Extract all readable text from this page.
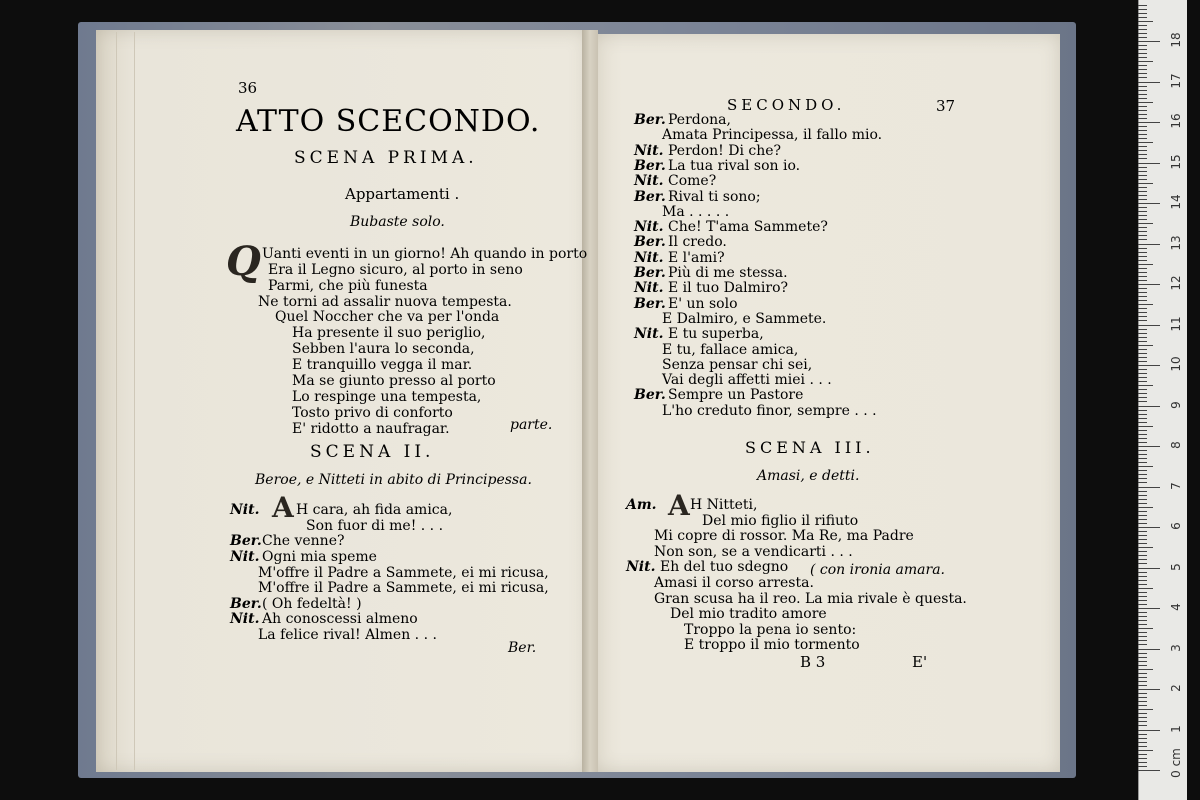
36
ATTO SCECONDO.
SCENA PRIMA.
Appartamenti .
Bubaste solo.
Q Uanti eventi in un giorno! Ah quando in porto
Era il Legno sicuro, al porto in seno
Parmi, che più funesta
Ne torni ad assalir nuova tempesta.
Quel Noccher che va per l'onda
Ha presente il suo periglio,
Sebben l'aura lo seconda,
E tranquillo vegga il mar.
Ma se giunto presso al porto
Lo respinge una tempesta,
Tosto privo di conforto
E' ridotto a naufragar.	parte.
SCENA II.
Beroe, e Nitteti in abito di Principessa.
A
Nit.	H cara, ah fida amica,
Son fuor di me! . . .
Ber. Che venne?
Nit. Ogni mia speme
M'offre il Padre a Sammete, ei mi ricusa,
M'offre il Padre a Sammete, ei mi ricusa,
Ber. ( Oh fedeltà! )
Nit. Ah conoscessi almeno
La felice rival! Almen . . .
Ber.
SECONDO.	37
Ber. Perdona,
Amata Principessa, il fallo mio.
Nit. Perdon! Di che?
Ber. La tua rival son io.
Nit. Come?
Ber. Rival ti sono;
Ma . . . . .
Nit. Che! T'ama Sammete?
Ber. Il credo.
Nit. E l'ami?
Ber. Più di me stessa.
Nit. E il tuo Dalmiro?
Ber. E' un solo
E Dalmiro, e Sammete.
Nit. E tu superba,
E tu, fallace amica,
Senza pensar chi sei,
Vai degli affetti miei . . .
Ber. Sempre un Pastore
L'ho creduto finor, sempre . . .
SCENA III.
Amasi, e detti.
A
Am. H Nitteti,
Del mio figlio il rifiuto
Mi copre di rossor. Ma Re, ma Padre
Non son, se a vendicarti . . .
Nit. Eh del tuo sdegno
Amasi il corso arresta.
Gran scusa ha il reo. La mia rivale è questa.
Del mio tradito amore
Troppo la pena io sento:
E troppo il mio tormento
( con ironia amara.
B 3	E'
0 cm
1
2
3
4
5
6
7
8
9
10
11
12
13
14
15
16
17
18
